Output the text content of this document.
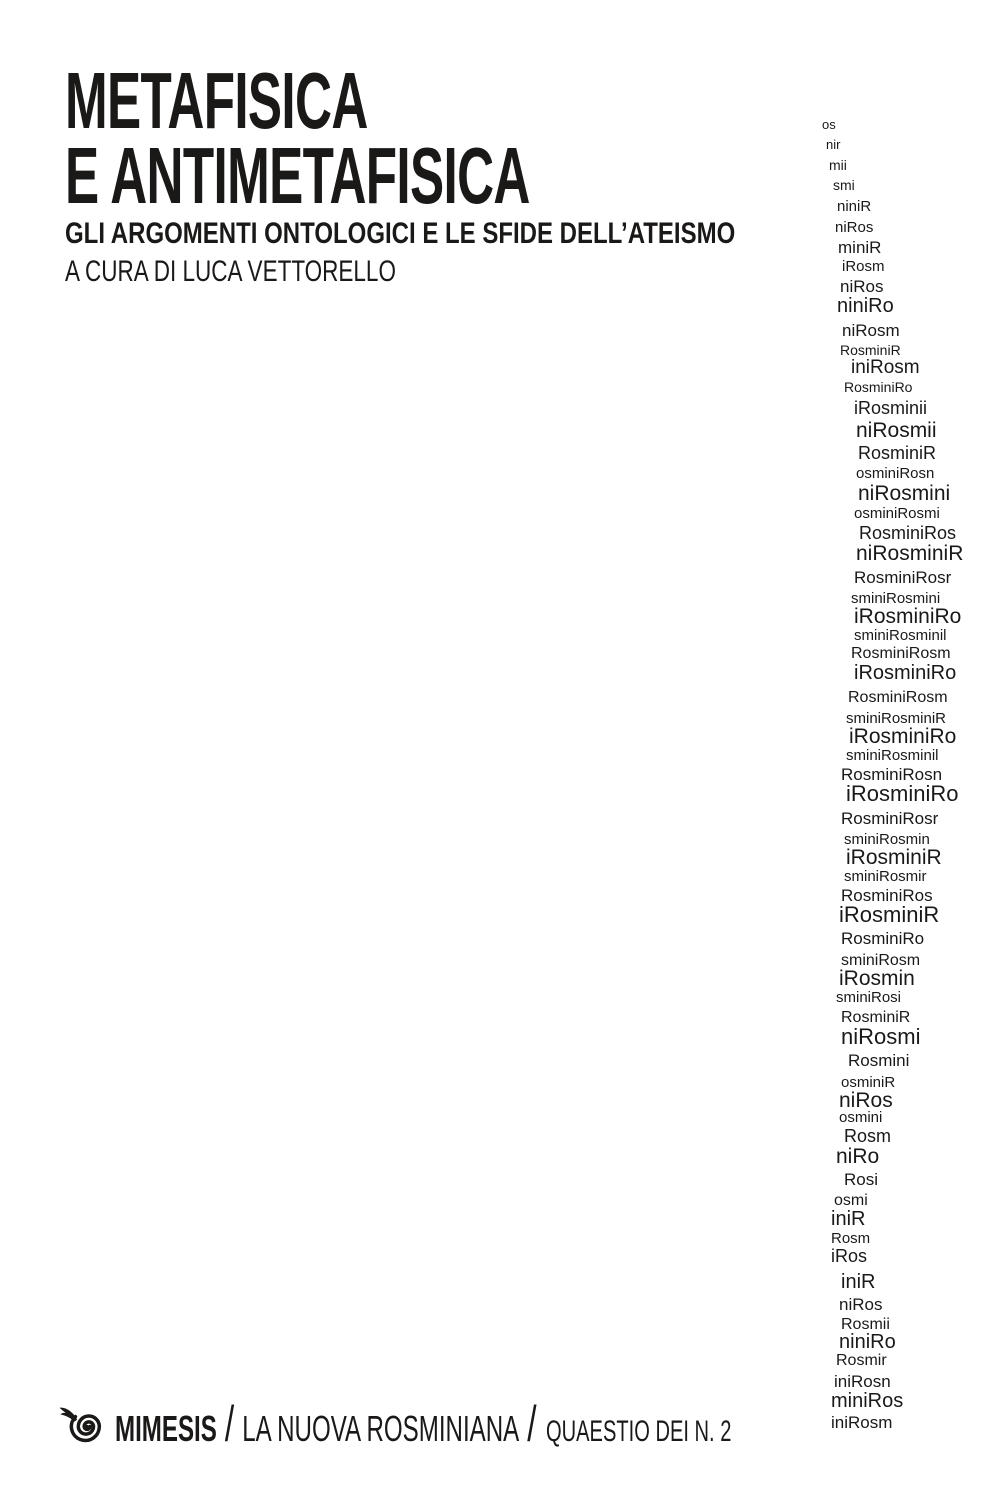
METAFISICA
E ANTIMETAFISICA
GLI ARGOMENTI ONTOLOGICI E LE SFIDE DELL’ATEISMO
A CURA DI LUCA VETTORELLO
os
nir
mii
smi
niniR
niRos
miniR
iRosm
niRos
niniRo
niRosm
RosminiR
iniRosm
RosminiRo
iRosminii
niRosmii
RosminiR
osminiRosn
niRosmini
osminiRosmi
RosminiRos
niRosminiR
RosminiRosr
sminiRosmini
iRosminiRo
sminiRosminil
RosminiRosm
iRosminiRo
RosminiRosm
sminiRosminiR
iRosminiRo
sminiRosminil
RosminiRosn
iRosminiRo
RosminiRosr
sminiRosmin
iRosminiR
sminiRosmir
RosminiRos
iRosminiR
RosminiRo
sminiRosm
iRosmin
sminiRosi
RosminiR
niRosmi
Rosmini
osminiR
niRos
osmini
Rosm
niRo
Rosi
osmi
iniR
Rosm
iRos
iniR
niRos
Rosmii
niniRo
Rosmir
iniRosn
miniRos
iniRosm
MIMESIS / LA NUOVA ROSMINIANA / QUAESTIO DEI N. 2
